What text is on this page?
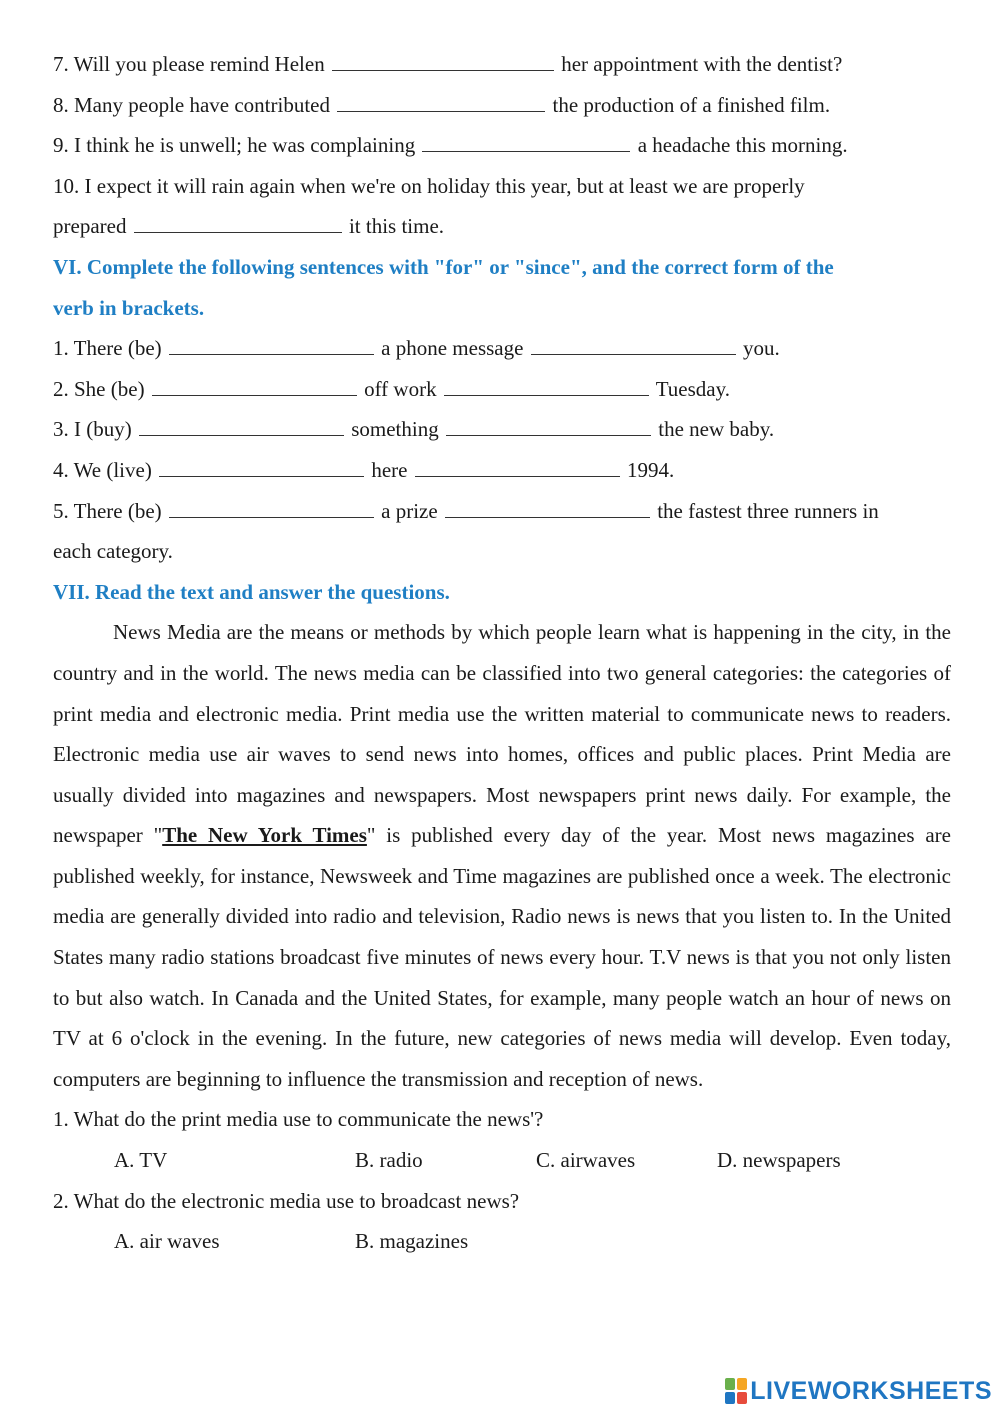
7. Will you please remind Helen	her appointment with the dentist?
8. Many people have contributed	the production of a finished film.
9. I think he is unwell; he was complaining	a headache this morning.
10. I expect it will rain again when we're on holiday this year, but at least we are properly
prepared	it this time.
VI. Complete the following sentences with "for" or "since", and the correct form of the
verb in brackets.
1. There (be)	a phone message	you.
2. She (be)	off work	Tuesday.
3. I (buy)	something	the new baby.
4. We (live)	here	1994.
5. There (be)	a prize	the fastest three runners in
each category.
VII. Read the text and answer the questions.

News Media are the means or methods by which people learn what is happening in the city, in the country and in the world. The news media can be classified into two general categories: the categories of print media and electronic media. Print media use the written material to communicate news to readers. Electronic media use air waves to send news into homes, offices and public places. Print Media are usually divided into magazines and newspapers. Most newspapers print news daily. For example, the newspaper "The New York Times" is published every day of the year. Most news magazines are published weekly, for instance, Newsweek and Time magazines are published once a week. The electronic media are generally divided into radio and television, Radio news is news that you listen to. In the United States many radio stations broadcast five minutes of news every hour. T.V news is that you not only listen to but also watch. In Canada and the United States, for example, many people watch an hour of news on TV at 6 o'clock in the evening. In the future, new categories of news media will develop. Even today, computers are beginning to influence the transmission and reception of news.

1. What do the print media use to communicate the news'?
A. TV	B. radio	C. airwaves	D. newspapers
2. What do the electronic media use to broadcast news?
A. air waves	B. magazines
LIVEWORKSHEETS
